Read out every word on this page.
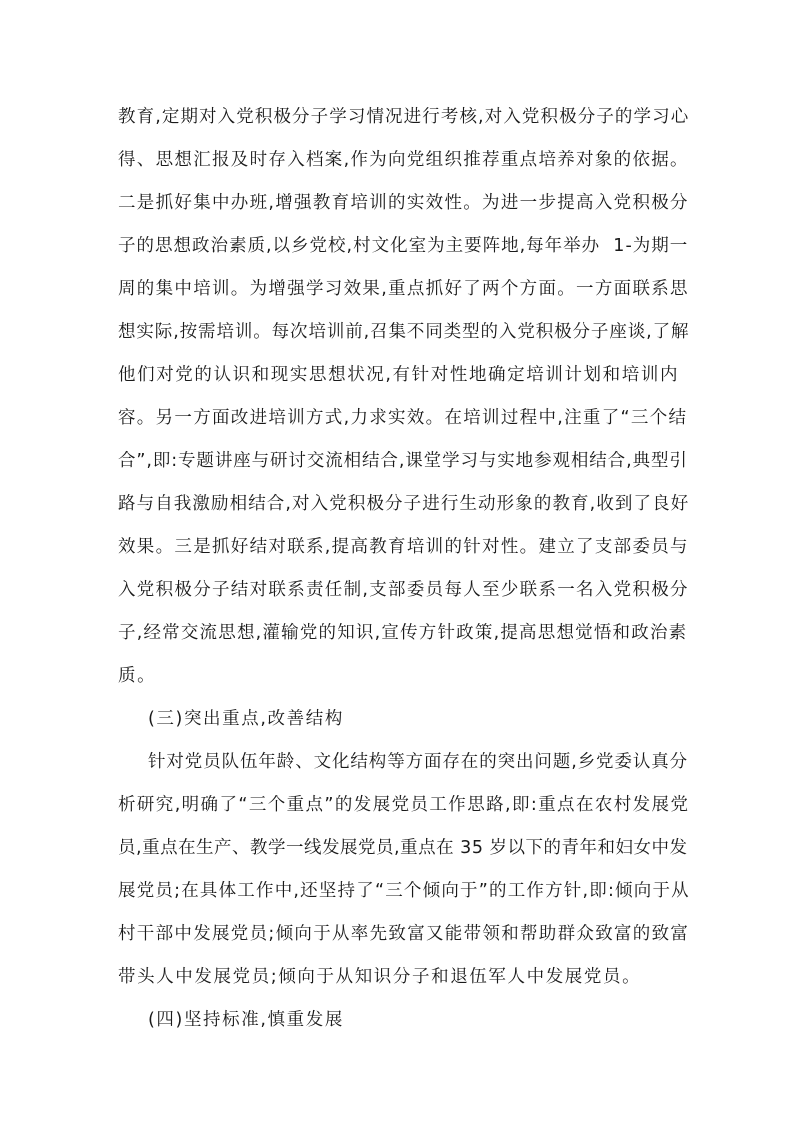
教育,定期对入党积极分子学习情况进行考核,对入党积极分子的学习心
得、思想汇报及时存入档案,作为向党组织推荐重点培养对象的依据。
二是抓好集中办班,增强教育培训的实效性。为进一步提高入党积极分
子的思想政治素质,以乡党校,村文化室为主要阵地,每年举办  1-为期一
周的集中培训。为增强学习效果,重点抓好了两个方面。一方面联系思
想实际,按需培训。每次培训前,召集不同类型的入党积极分子座谈,了解
他们对党的认识和现实思想状况,有针对性地确定培训计划和培训内
容。另一方面改进培训方式,力求实效。在培训过程中,注重了“三个结
合”,即:专题讲座与研讨交流相结合,课堂学习与实地参观相结合,典型引
路与自我激励相结合,对入党积极分子进行生动形象的教育,收到了良好
效果。三是抓好结对联系,提高教育培训的针对性。建立了支部委员与
入党积极分子结对联系责任制,支部委员每人至少联系一名入党积极分
子,经常交流思想,灌输党的知识,宣传方针政策,提高思想觉悟和政治素
质。
(三)突出重点,改善结构
针对党员队伍年龄、文化结构等方面存在的突出问题,乡党委认真分
析研究,明确了“三个重点”的发展党员工作思路,即:重点在农村发展党
员,重点在生产、教学一线发展党员,重点在 35 岁以下的青年和妇女中发
展党员;在具体工作中,还坚持了“三个倾向于”的工作方针,即:倾向于从
村干部中发展党员;倾向于从率先致富又能带领和帮助群众致富的致富
带头人中发展党员;倾向于从知识分子和退伍军人中发展党员。
(四)坚持标准,慎重发展
